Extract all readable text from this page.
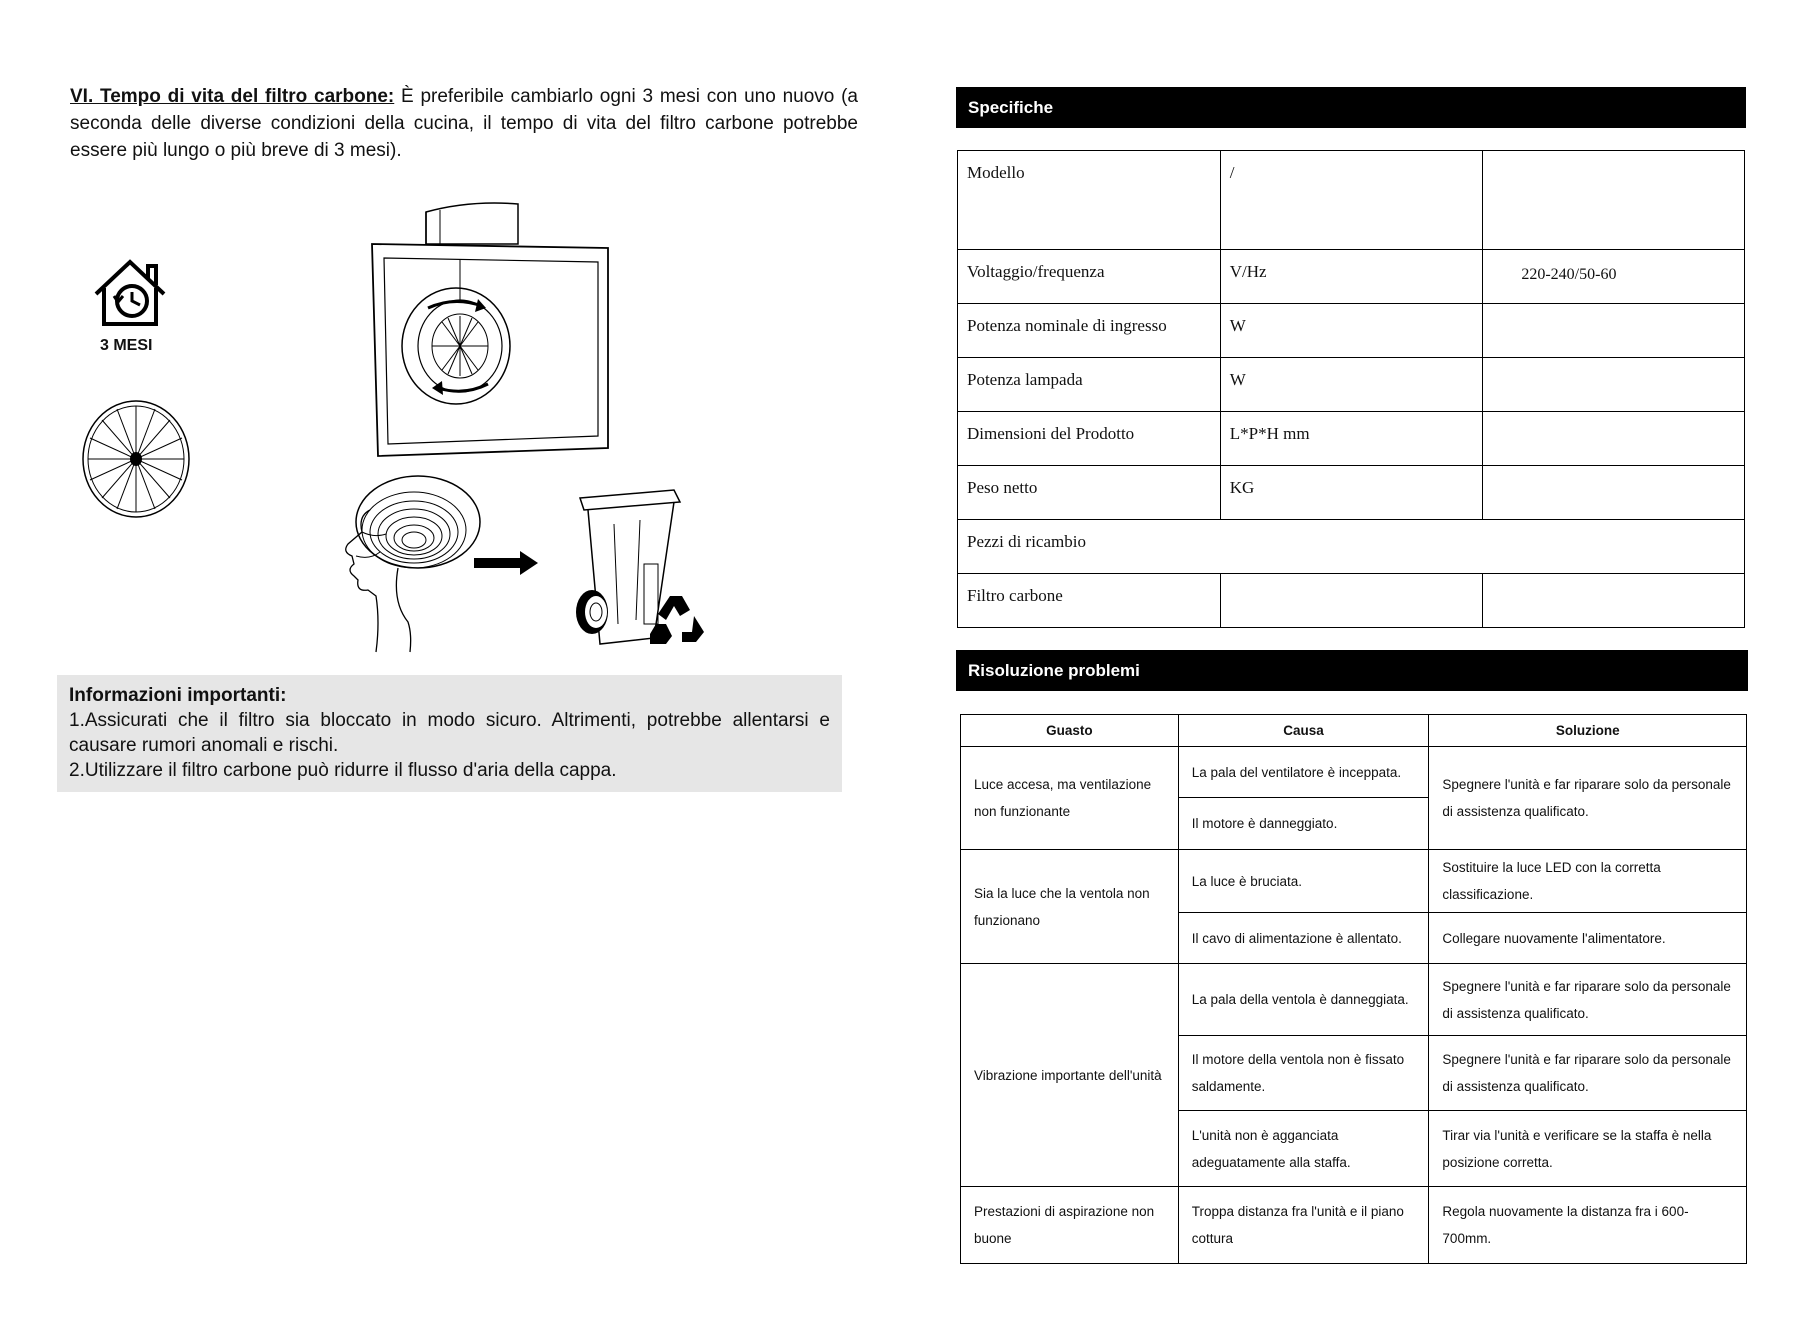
VI. Tempo di vita del filtro carbone: È preferibile cambiarlo ogni 3 mesi con uno nuovo (a seconda delle diverse condizioni della cucina, il tempo di vita del filtro carbone potrebbe essere più lungo o più breve di 3 mesi).
3 MESI
Informazioni importanti:

1.Assicurati che il filtro sia bloccato in modo sicuro. Altrimenti, potrebbe allentarsi e causare rumori anomali e rischi.

2.Utilizzare il filtro carbone può ridurre il flusso d'aria della cappa.

Specifiche
Modello	/	
Voltaggio/frequenza	V/Hz	220-240/50-60
Potenza nominale di ingresso	W	
Potenza lampada	W	
Dimensioni del Prodotto	L*P*H mm	
Peso netto	KG	
Pezzi di ricambio		
Filtro carbone		
Risoluzione problemi
Guasto	Causa	Soluzione
Luce accesa, ma ventilazione non funzionante	La pala del ventilatore è inceppata.	Spegnere l'unità e far riparare solo da personale di assistenza qualificato.
	Il motore è danneggiato.	
Sia la luce che la ventola non funzionano	La luce è bruciata.	Sostituire la luce LED con la corretta classificazione.
	Il cavo di alimentazione è allentato.	Collegare nuovamente l'alimentatore.
Vibrazione importante dell'unità	La pala della ventola è danneggiata.	Spegnere l'unità e far riparare solo da personale di assistenza qualificato.
	Il motore della ventola non è fissato saldamente.	Spegnere l'unità e far riparare solo da personale di assistenza qualificato.
	L'unità non è agganciata adeguatamente alla staffa.	Tirar via l'unità e verificare se la staffa è nella posizione corretta.
Prestazioni di aspirazione non buone	Troppa distanza fra l'unità e il piano cottura	Regola nuovamente la distanza fra i 600-700mm.
